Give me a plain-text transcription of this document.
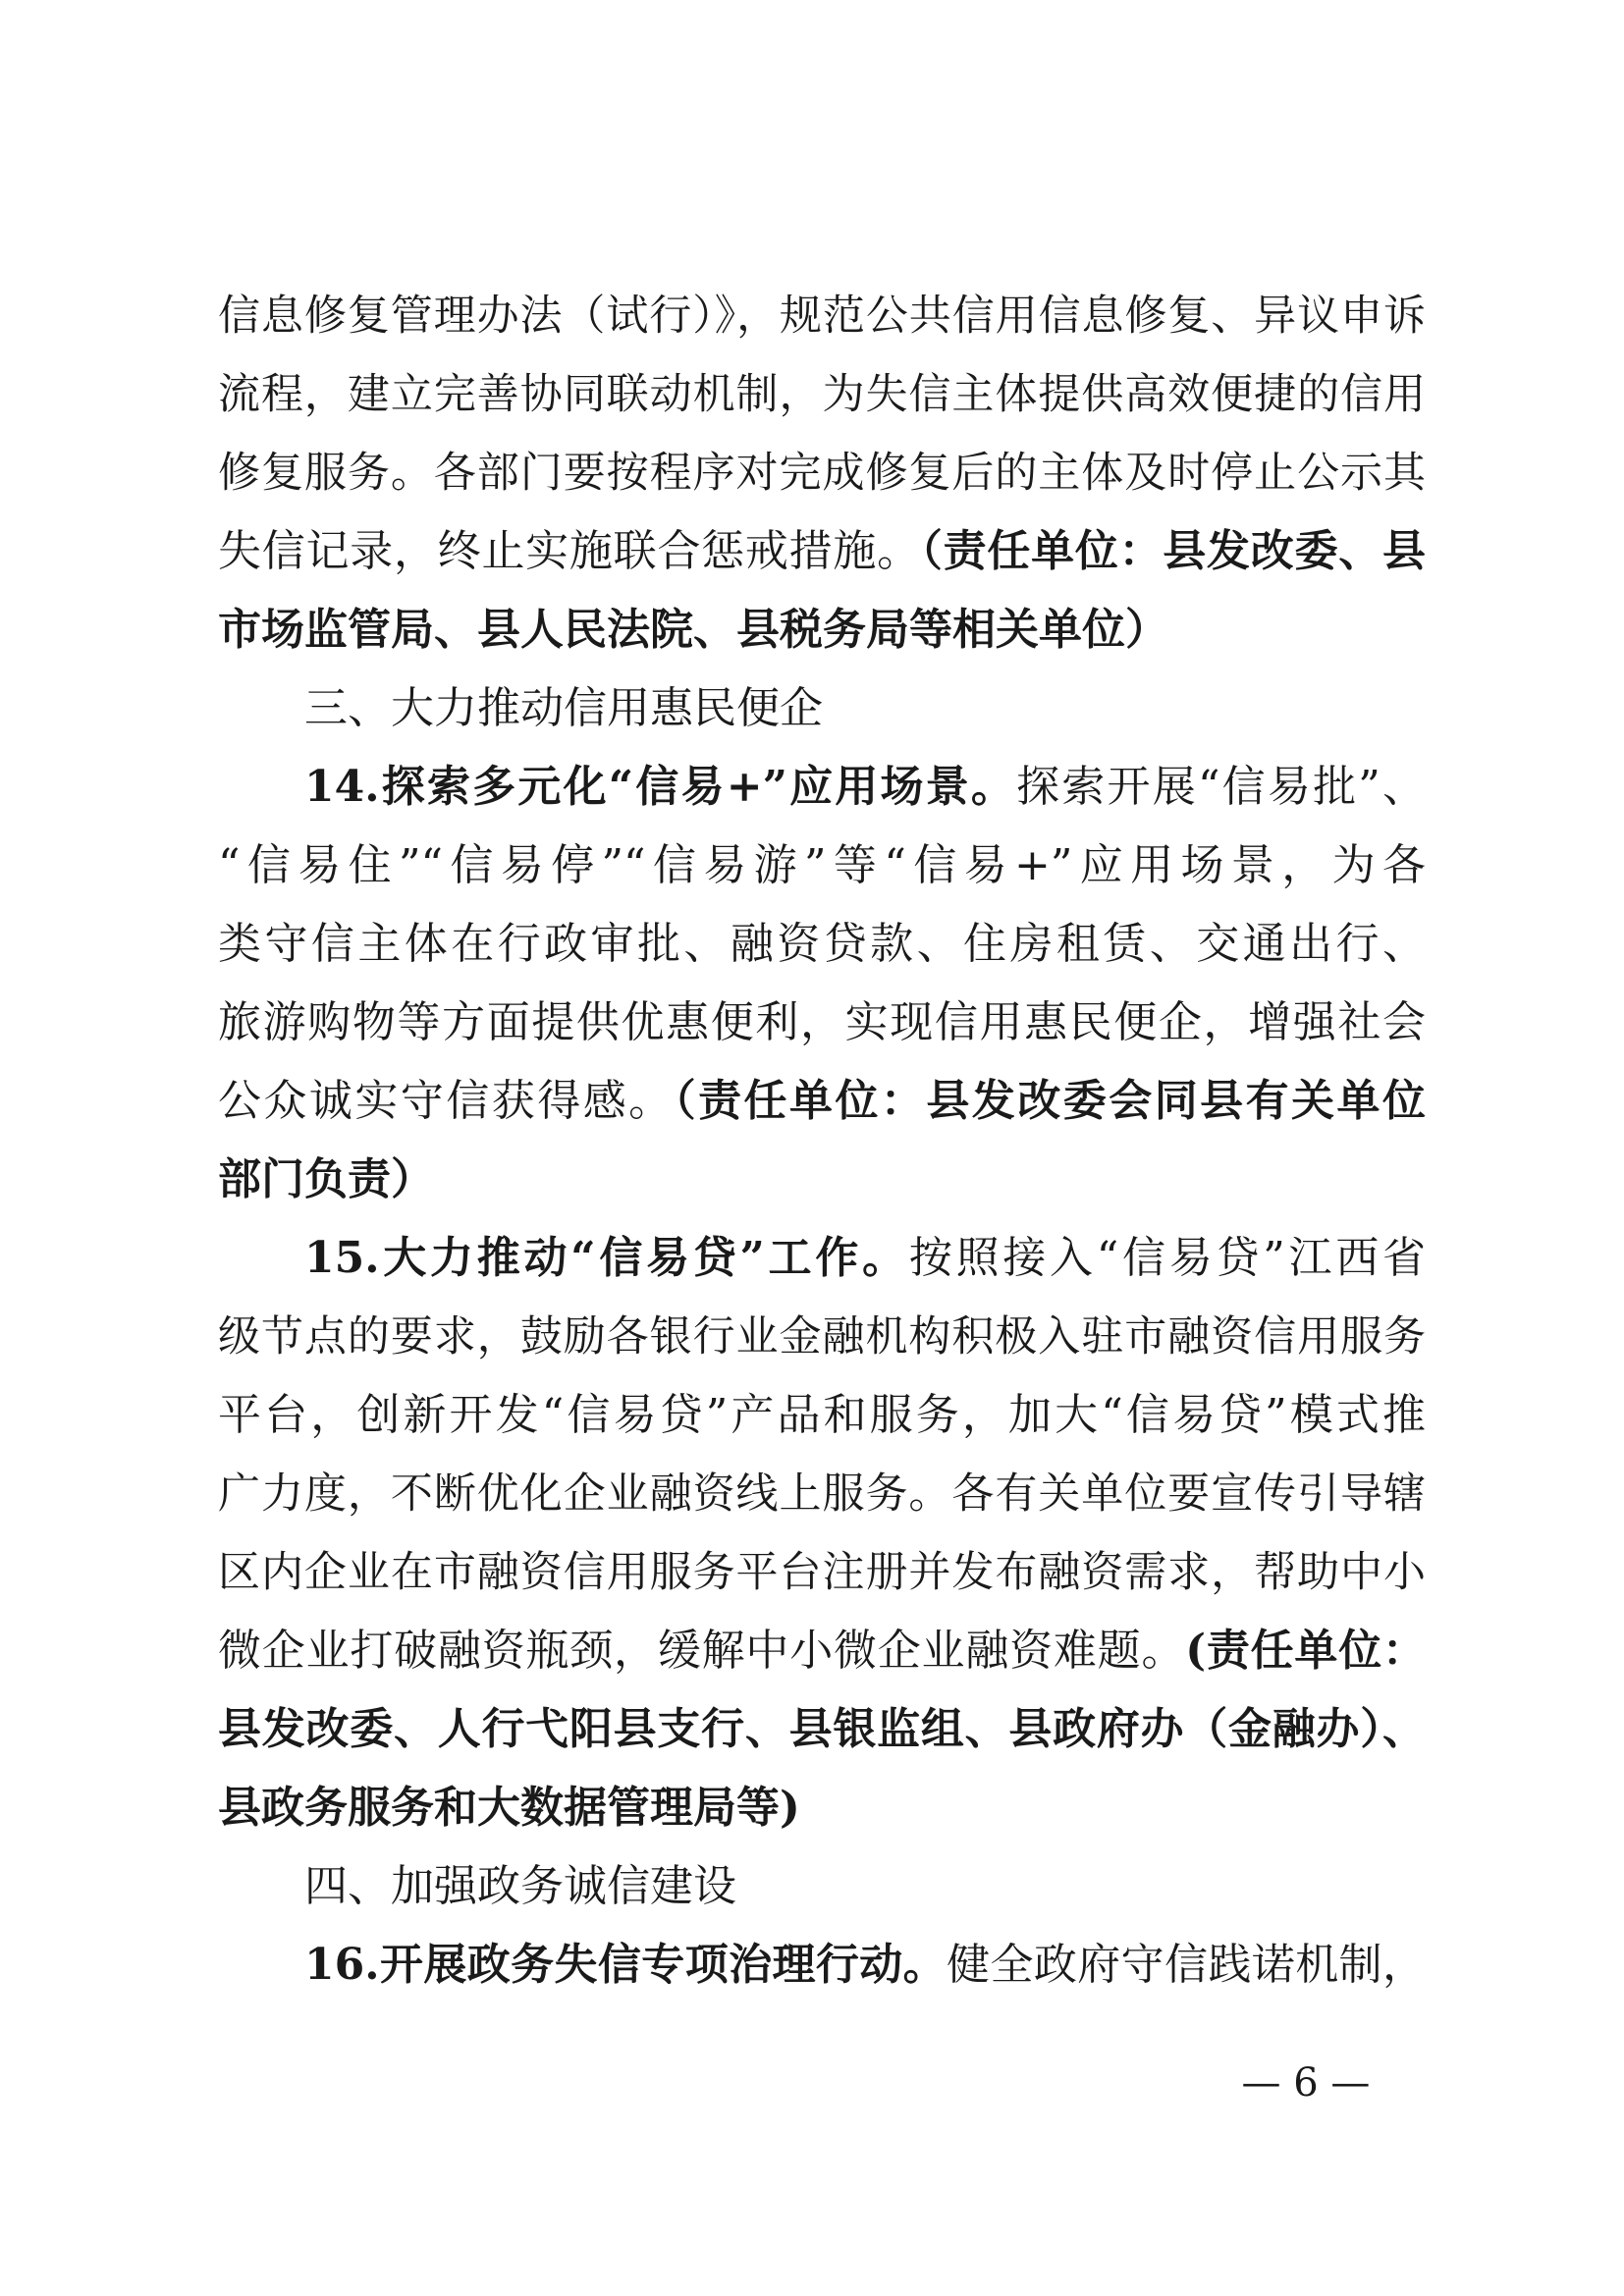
信息修复管理办法（试行）》，规范公共信用信息修复、异议申诉
流程，建立完善协同联动机制，为失信主体提供高效便捷的信用
修复服务。各部门要按程序对完成修复后的主体及时停止公示其
失信记录，终止实施联合惩戒措施。（责任单位：县发改委、县
市场监管局、县人民法院、县税务局等相关单位）
三、大力推动信用惠民便企
14.探索多元化“信易+”应用场景。探索开展“信易批”、
“信易住”“信易停”“信易游”等“信易+”应用场景，为各
类守信主体在行政审批、融资贷款、住房租赁、交通出行、
旅游购物等方面提供优惠便利，实现信用惠民便企，增强社会
公众诚实守信获得感。（责任单位：县发改委会同县有关单位
部门负责）
15.大力推动“信易贷”工作。按照接入“信易贷”江西省
级节点的要求，鼓励各银行业金融机构积极入驻市融资信用服务
平台，创新开发“信易贷”产品和服务，加大“信易贷”模式推
广力度，不断优化企业融资线上服务。各有关单位要宣传引导辖
区内企业在市融资信用服务平台注册并发布融资需求，帮助中小
微企业打破融资瓶颈，缓解中小微企业融资难题。(责任单位：
县发改委、人行弋阳县支行、县银监组、县政府办（金融办）、
县政务服务和大数据管理局等)
四、加强政务诚信建设
16.开展政务失信专项治理行动。健全政府守信践诺机制，
— 6 —
